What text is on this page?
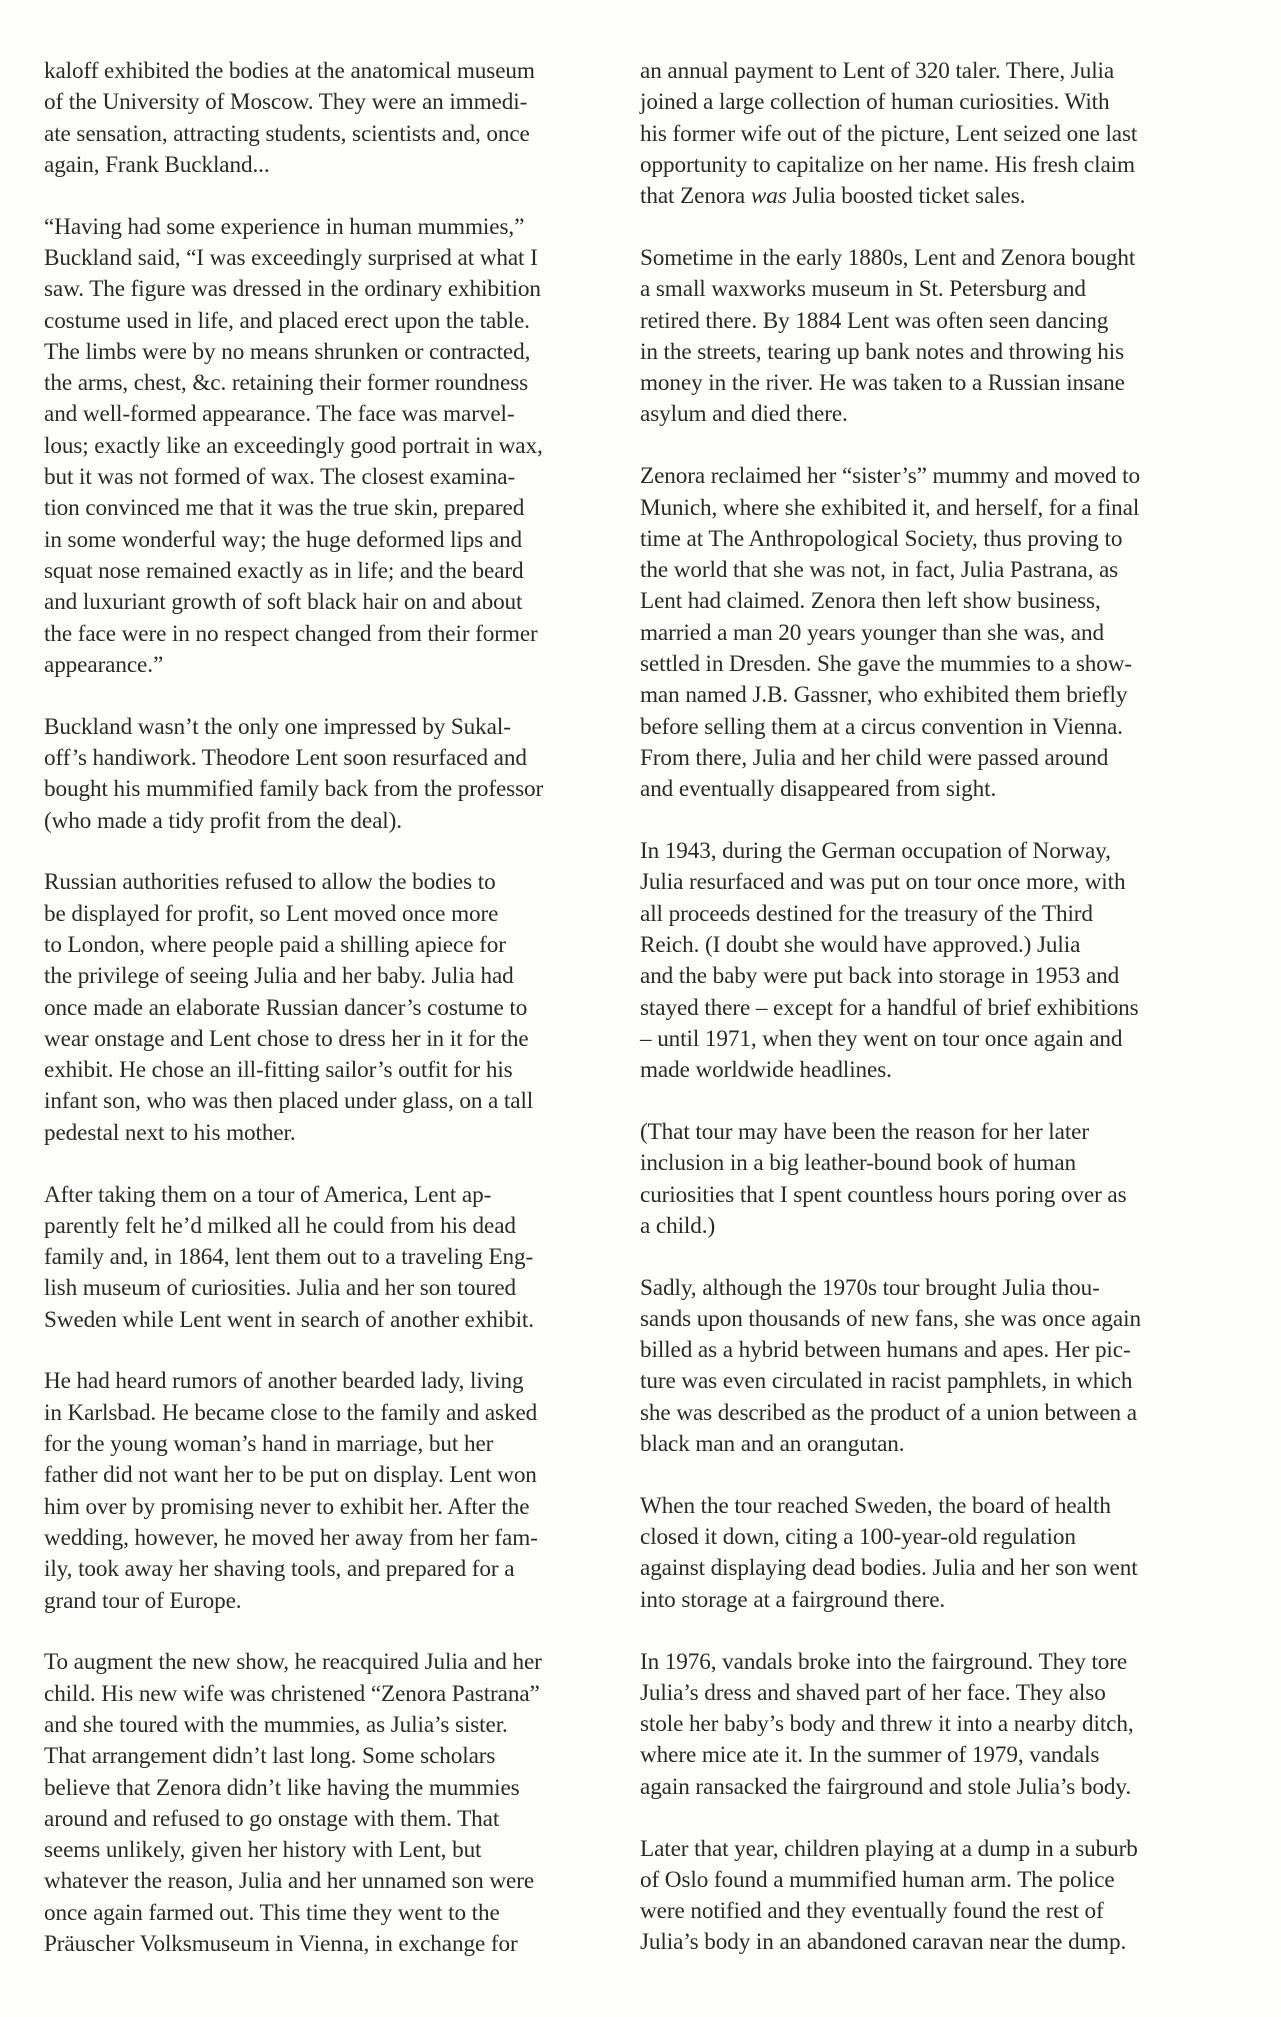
kaloff exhibited the bodies at the anatomical museum
of the University of Moscow. They were an immedi-
ate sensation, attracting students, scientists and, once
again, Frank Buckland...
“Having had some experience in human mummies,”
Buckland said, “I was exceedingly surprised at what I
saw. The figure was dressed in the ordinary exhibition
costume used in life, and placed erect upon the table.
The limbs were by no means shrunken or contracted,
the arms, chest, &c. retaining their former roundness
and well-formed appearance. The face was marvel-
lous; exactly like an exceedingly good portrait in wax,
but it was not formed of wax. The closest examina-
tion convinced me that it was the true skin, prepared
in some wonderful way; the huge deformed lips and
squat nose remained exactly as in life; and the beard
and luxuriant growth of soft black hair on and about
the face were in no respect changed from their former
appearance.”
Buckland wasn’t the only one impressed by Sukal-
off’s handiwork. Theodore Lent soon resurfaced and
bought his mummified family back from the professor
(who made a tidy profit from the deal).
Russian authorities refused to allow the bodies to
be displayed for profit, so Lent moved once more
to London, where people paid a shilling apiece for
the privilege of seeing Julia and her baby. Julia had
once made an elaborate Russian dancer’s costume to
wear onstage and Lent chose to dress her in it for the
exhibit. He chose an ill-fitting sailor’s outfit for his
infant son, who was then placed under glass, on a tall
pedestal next to his mother.
After taking them on a tour of America, Lent ap-
parently felt he’d milked all he could from his dead
family and, in 1864, lent them out to a traveling Eng-
lish museum of curiosities. Julia and her son toured
Sweden while Lent went in search of another exhibit.
He had heard rumors of another bearded lady, living
in Karlsbad. He became close to the family and asked
for the young woman’s hand in marriage, but her
father did not want her to be put on display. Lent won
him over by promising never to exhibit her. After the
wedding, however, he moved her away from her fam-
ily, took away her shaving tools, and prepared for a
grand tour of Europe.
To augment the new show, he reacquired Julia and her
child. His new wife was christened “Zenora Pastrana”
and she toured with the mummies, as Julia’s sister.
That arrangement didn’t last long. Some scholars
believe that Zenora didn’t like having the mummies
around and refused to go onstage with them. That
seems unlikely, given her history with Lent, but
whatever the reason, Julia and her unnamed son were
once again farmed out. This time they went to the
Präuscher Volksmuseum in Vienna, in exchange for
an annual payment to Lent of 320 taler. There, Julia
joined a large collection of human curiosities. With
his former wife out of the picture, Lent seized one last
opportunity to capitalize on her name. His fresh claim
that Zenora was Julia boosted ticket sales.
Sometime in the early 1880s, Lent and Zenora bought
a small waxworks museum in St. Petersburg and
retired there. By 1884 Lent was often seen dancing
in the streets, tearing up bank notes and throwing his
money in the river. He was taken to a Russian insane
asylum and died there.
Zenora reclaimed her “sister’s” mummy and moved to
Munich, where she exhibited it, and herself, for a final
time at The Anthropological Society, thus proving to
the world that she was not, in fact, Julia Pastrana, as
Lent had claimed. Zenora then left show business,
married a man 20 years younger than she was, and
settled in Dresden. She gave the mummies to a show-
man named J.B. Gassner, who exhibited them briefly
before selling them at a circus convention in Vienna.
From there, Julia and her child were passed around
and eventually disappeared from sight.
In 1943, during the German occupation of Norway,
Julia resurfaced and was put on tour once more, with
all proceeds destined for the treasury of the Third
Reich. (I doubt she would have approved.) Julia
and the baby were put back into storage in 1953 and
stayed there – except for a handful of brief exhibitions
– until 1971, when they went on tour once again and
made worldwide headlines.
(That tour may have been the reason for her later
inclusion in a big leather-bound book of human
curiosities that I spent countless hours poring over as
a child.)
Sadly, although the 1970s tour brought Julia thou-
sands upon thousands of new fans, she was once again
billed as a hybrid between humans and apes. Her pic-
ture was even circulated in racist pamphlets, in which
she was described as the product of a union between a
black man and an orangutan.
When the tour reached Sweden, the board of health
closed it down, citing a 100-year-old regulation
against displaying dead bodies. Julia and her son went
into storage at a fairground there.
In 1976, vandals broke into the fairground. They tore
Julia’s dress and shaved part of her face. They also
stole her baby’s body and threw it into a nearby ditch,
where mice ate it. In the summer of 1979, vandals
again ransacked the fairground and stole Julia’s body.
Later that year, children playing at a dump in a suburb
of Oslo found a mummified human arm. The police
were notified and they eventually found the rest of
Julia’s body in an abandoned caravan near the dump.
